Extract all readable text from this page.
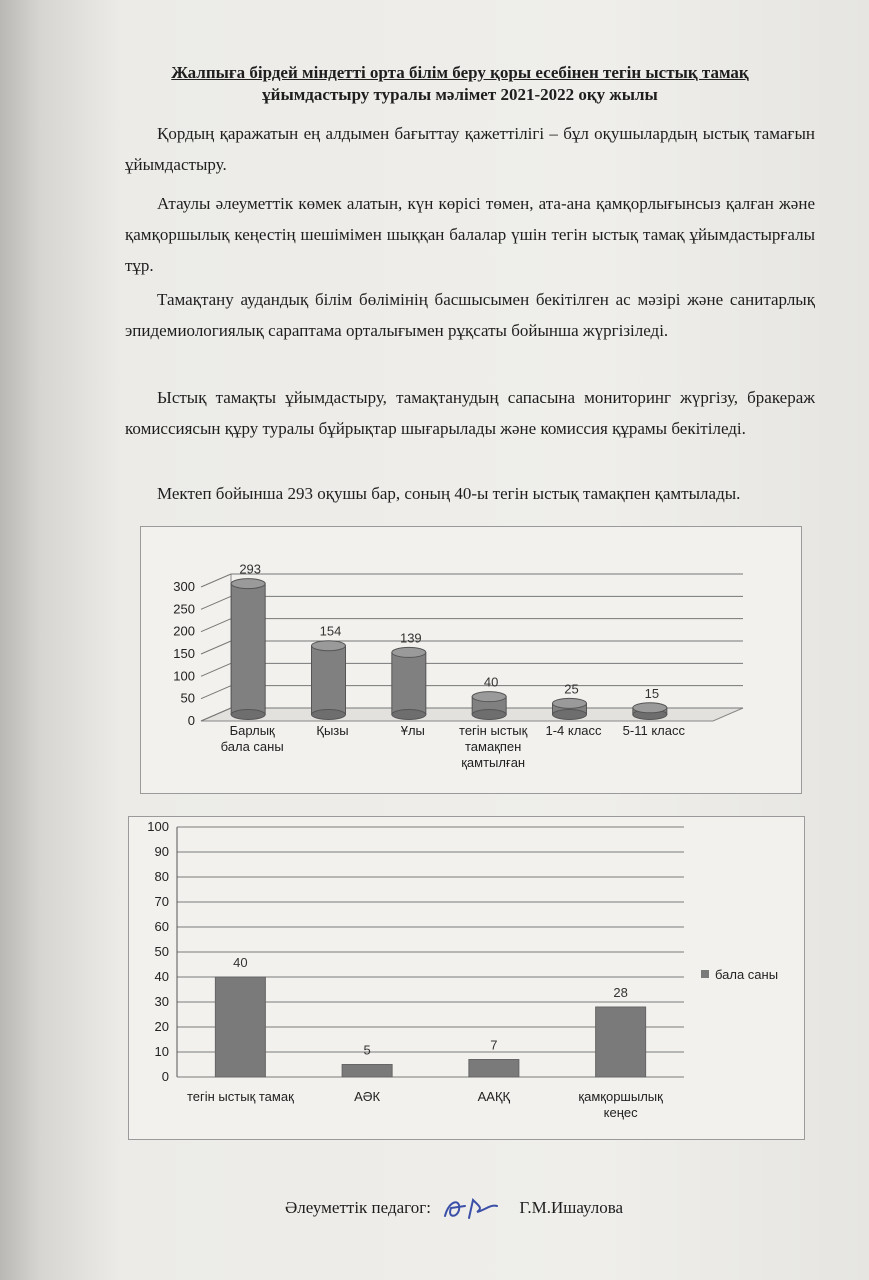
Жалпыға бірдей міндетті орта білім беру қоры есебінен тегін ыстық тамақ
ұйымдастыру туралы мәлімет 2021-2022 оқу жылы
Қордың қаражатын ең алдымен бағыттау қажеттілігі – бұл оқушылардың ыстық тамағын ұйымдастыру.
Атаулы әлеуметтік көмек алатын, күн көрісі төмен, ата-ана қамқорлығынсыз қалған және қамқоршылық кеңестің шешімімен шыққан балалар үшін тегін ыстық тамақ ұйымдастырғалы тұр.
Тамақтану аудандық білім бөлімінің басшысымен бекітілген ас мәзірі және санитарлық эпидемиологиялық сараптама орталығымен рұқсаты бойынша жүргізіледі.
Ыстық тамақты ұйымдастыру, тамақтанудың сапасына мониторинг жүргізу, бракераж комиссиясын құру туралы бұйрықтар шығарылады және комиссия құрамы бекітіледі.
Мектеп бойынша 293 оқушы бар, соның 40-ы тегін ыстық тамақпен қамтылады.
0
50
100
150
200
250
300
293
Барлық бала саны
154
Қызы
139
Ұлы
40
тегін ыстық тамақпен қамтылған
25
1-4 класс
15
5-11 класс
0
10
20
30
40
50
60
70
80
90
100
40
тегін ыстық тамақ
5
АӘК
7
ААҚҚ
28
қамқоршылық кеңес
бала саны
Әлеуметтік педагог:	Г.М.Ишаулова
